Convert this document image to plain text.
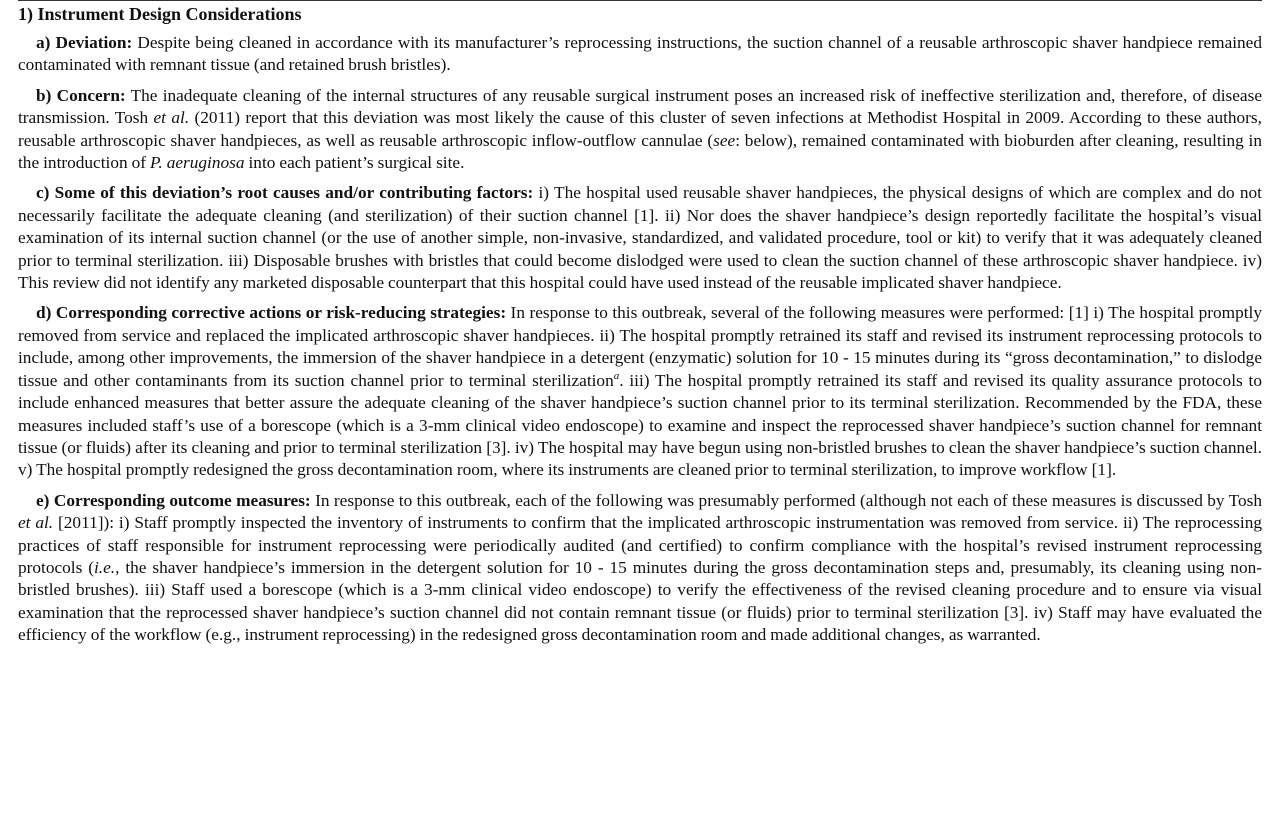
1) Instrument Design Considerations

a) Deviation: Despite being cleaned in accordance with its manufacturer’s reprocessing instructions, the suction channel of a reusable arthroscopic shaver handpiece remained contaminated with remnant tissue (and retained brush bristles).

b) Concern: The inadequate cleaning of the internal structures of any reusable surgical instrument poses an increased risk of ineffective sterilization and, therefore, of disease transmission. Tosh et al. (2011) report that this deviation was most likely the cause of this cluster of seven infections at Methodist Hospital in 2009. According to these authors, reusable arthroscopic shaver handpieces, as well as reusable arthroscopic inflow-outflow cannulae (see: below), remained contaminated with bioburden after cleaning, resulting in the introduction of P. aeruginosa into each patient’s surgical site.

c) Some of this deviation’s root causes and/or contributing factors: i) The hospital used reusable shaver handpieces, the physical designs of which are complex and do not necessarily facilitate the adequate cleaning (and sterilization) of their suction channel [1]. ii) Nor does the shaver handpiece’s design reportedly facilitate the hospital’s visual examination of its internal suction channel (or the use of another simple, non-invasive, standardized, and validated procedure, tool or kit) to verify that it was adequately cleaned prior to terminal sterilization. iii) Disposable brushes with bristles that could become dislodged were used to clean the suction channel of these arthroscopic shaver handpiece. iv) This review did not identify any marketed disposable counterpart that this hospital could have used instead of the reusable implicated shaver handpiece.

d) Corresponding corrective actions or risk-reducing strategies: In response to this outbreak, several of the following measures were performed: [1] i) The hospital promptly removed from service and replaced the implicated arthroscopic shaver handpieces. ii) The hospital promptly retrained its staff and revised its instrument reprocessing protocols to include, among other improvements, the immersion of the shaver handpiece in a detergent (enzymatic) solution for 10 - 15 minutes during its “gross decontamination,” to dislodge tissue and other contaminants from its suction channel prior to terminal sterilization$^a$. iii) The hospital promptly retrained its staff and revised its quality assurance protocols to include enhanced measures that better assure the adequate cleaning of the shaver handpiece’s suction channel prior to its terminal sterilization. Recommended by the FDA, these measures included staff’s use of a borescope (which is a 3-mm clinical video endoscope) to examine and inspect the reprocessed shaver handpiece’s suction channel for remnant tissue (or fluids) after its cleaning and prior to terminal sterilization [3]. iv) The hospital may have begun using non-bristled brushes to clean the shaver handpiece’s suction channel. v) The hospital promptly redesigned the gross decontamination room, where its instruments are cleaned prior to terminal sterilization, to improve workflow [1].

e) Corresponding outcome measures: In response to this outbreak, each of the following was presumably performed (although not each of these measures is discussed by Tosh et al. [2011]): i) Staff promptly inspected the inventory of instruments to confirm that the implicated arthroscopic instrumentation was removed from service. ii) The reprocessing practices of staff responsible for instrument reprocessing were periodically audited (and certified) to confirm compliance with the hospital’s revised instrument reprocessing protocols (i.e., the shaver handpiece’s immersion in the detergent solution for 10 - 15 minutes during the gross decontamination steps and, presumably, its cleaning using non-bristled brushes). iii) Staff used a borescope (which is a 3-mm clinical video endoscope) to verify the effectiveness of the revised cleaning procedure and to ensure via visual examination that the reprocessed shaver handpiece’s suction channel did not contain remnant tissue (or fluids) prior to terminal sterilization [3]. iv) Staff may have evaluated the efficiency of the workflow (e.g., instrument reprocessing) in the redesigned gross decontamination room and made additional changes, as warranted.
